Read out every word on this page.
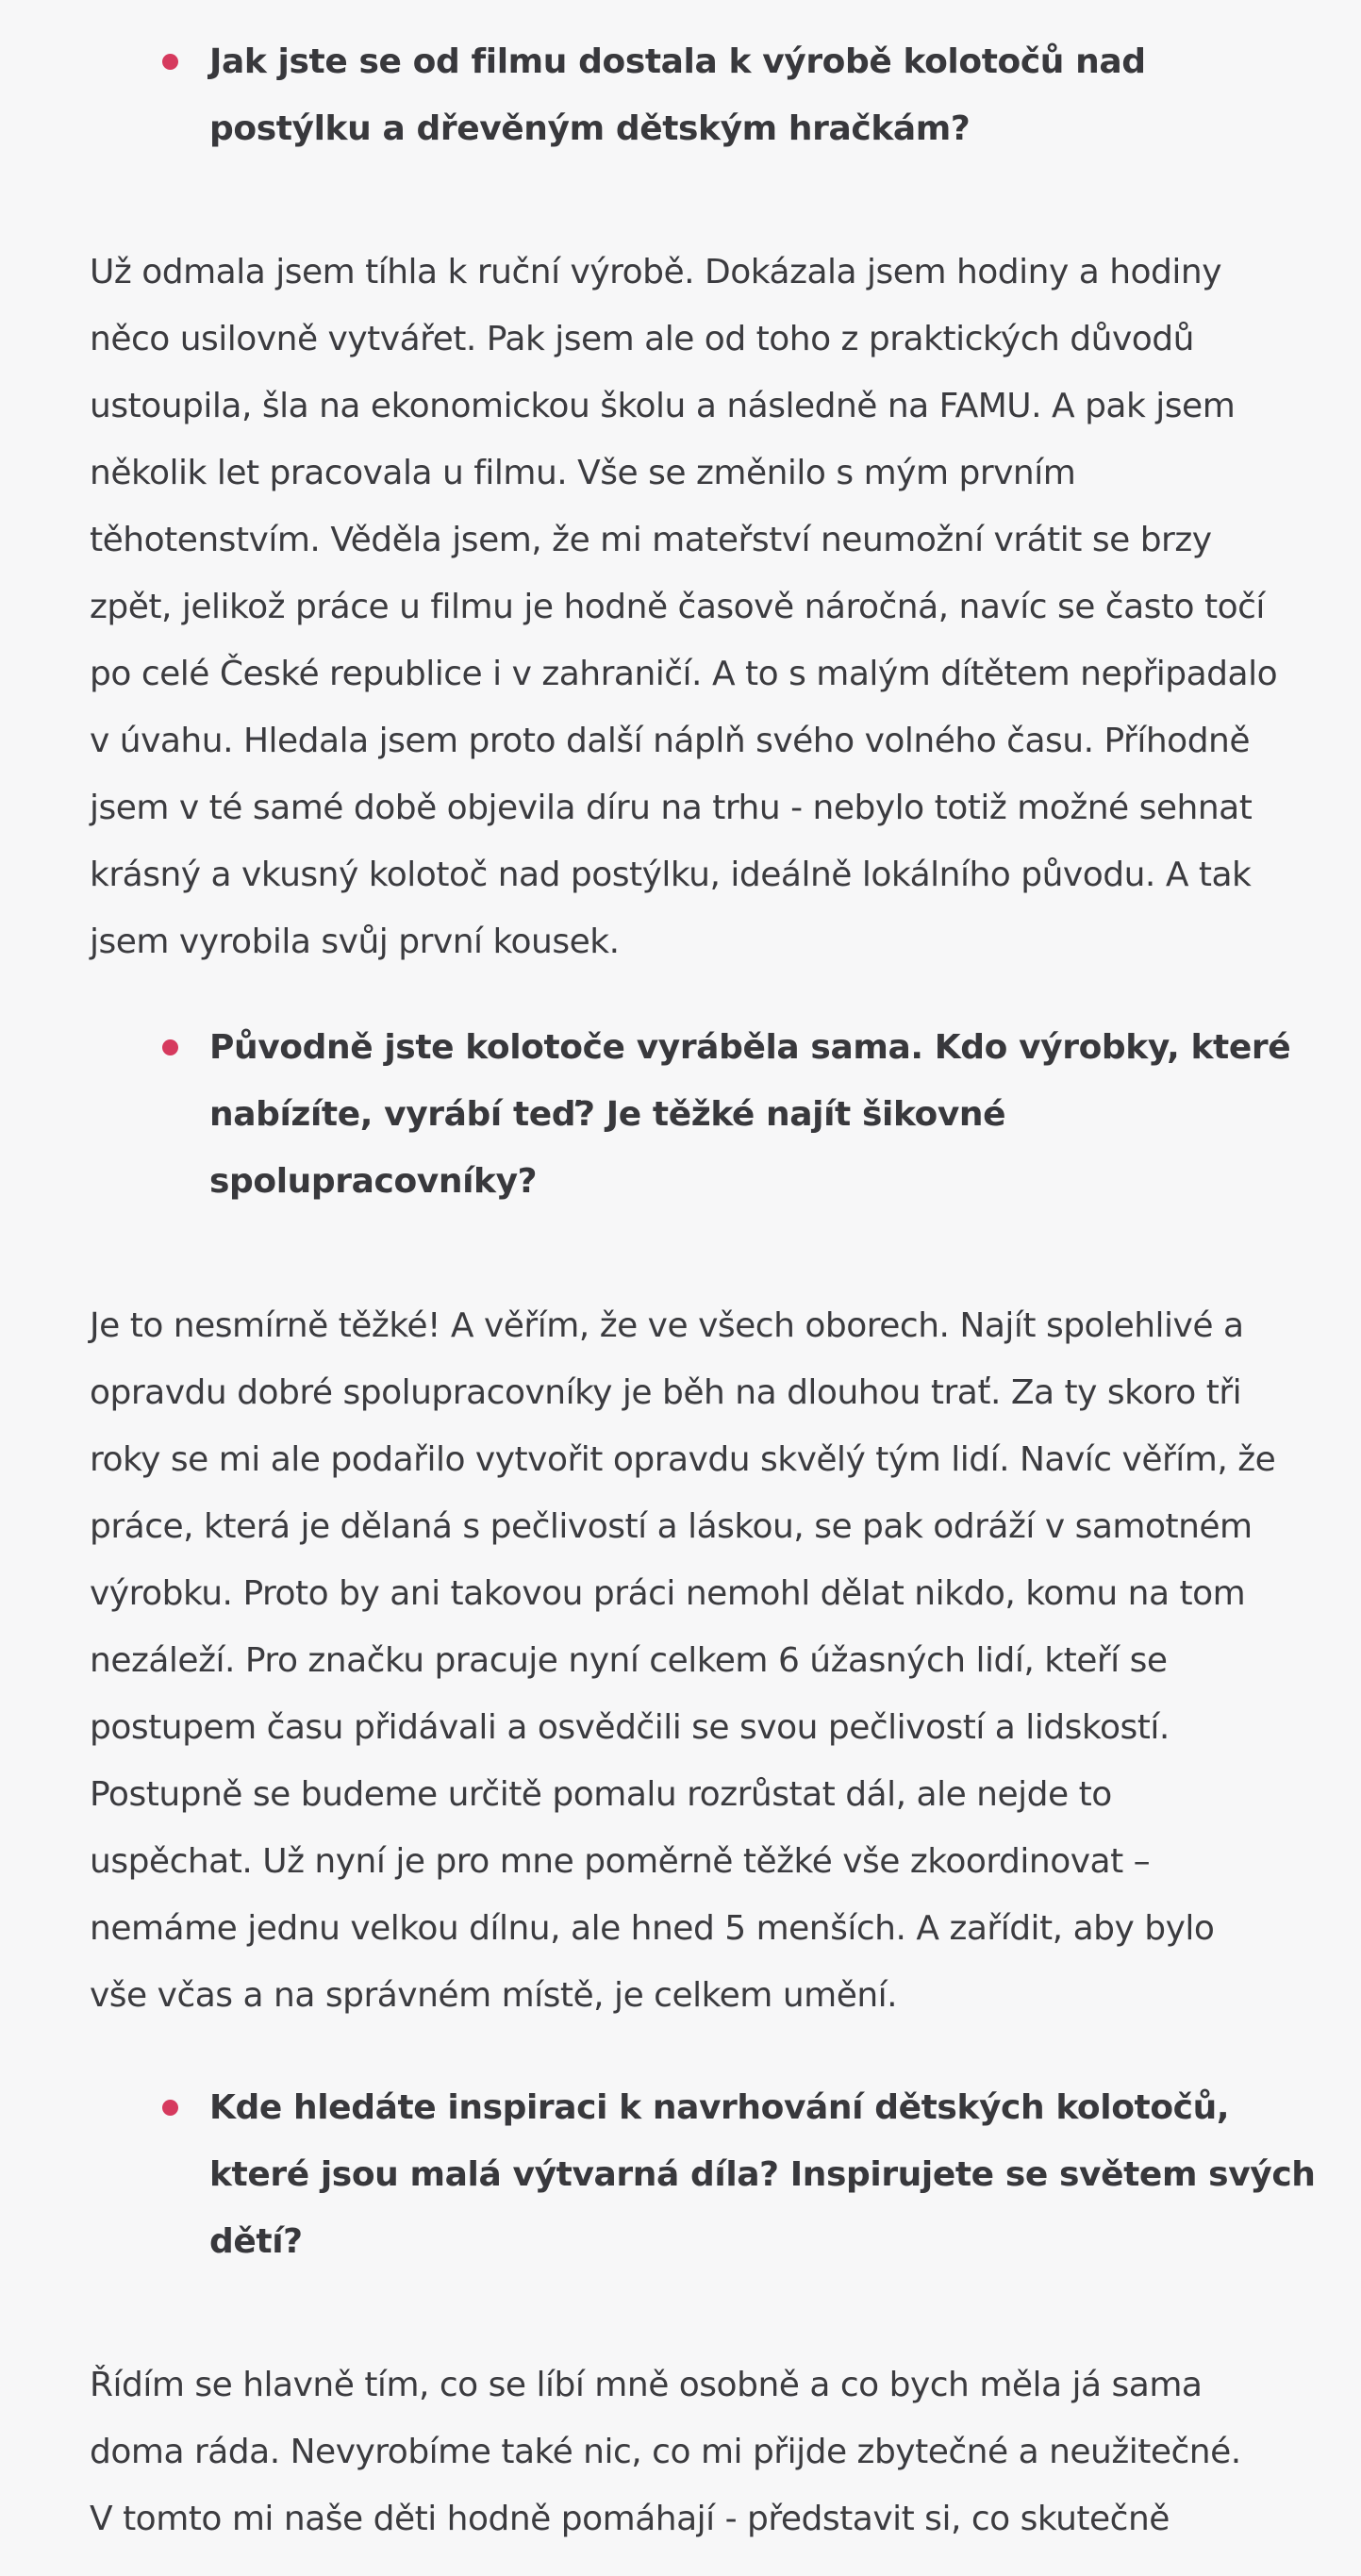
Jak jste se od filmu dostala k výrobě kolotočů nad
postýlku a dřevěným dětským hračkám?
Už odmala jsem tíhla k ruční výrobě. Dokázala jsem hodiny a hodiny
něco usilovně vytvářet. Pak jsem ale od toho z praktických důvodů
ustoupila, šla na ekonomickou školu a následně na FAMU. A pak jsem
několik let pracovala u filmu. Vše se změnilo s mým prvním
těhotenstvím. Věděla jsem, že mi mateřství neumožní vrátit se brzy
zpět, jelikož práce u filmu je hodně časově náročná, navíc se často točí
po celé České republice i v zahraničí. A to s malým dítětem nepřipadalo
v úvahu. Hledala jsem proto další náplň svého volného času. Příhodně
jsem v té samé době objevila díru na trhu - nebylo totiž možné sehnat
krásný a vkusný kolotoč nad postýlku, ideálně lokálního původu. A tak
jsem vyrobila svůj první kousek.
Původně jste kolotoče vyráběla sama. Kdo výrobky, které
nabízíte, vyrábí teď? Je těžké najít šikovné
spolupracovníky?
Je to nesmírně těžké! A věřím, že ve všech oborech. Najít spolehlivé a
opravdu dobré spolupracovníky je běh na dlouhou trať. Za ty skoro tři
roky se mi ale podařilo vytvořit opravdu skvělý tým lidí. Navíc věřím, že
práce, která je dělaná s pečlivostí a láskou, se pak odráží v samotném
výrobku. Proto by ani takovou práci nemohl dělat nikdo, komu na tom
nezáleží. Pro značku pracuje nyní celkem 6 úžasných lidí, kteří se
postupem času přidávali a osvědčili se svou pečlivostí a lidskostí.
Postupně se budeme určitě pomalu rozrůstat dál, ale nejde to
uspěchat. Už nyní je pro mne poměrně těžké vše zkoordinovat –
nemáme jednu velkou dílnu, ale hned 5 menších. A zařídit, aby bylo
vše včas a na správném místě, je celkem umění.
Kde hledáte inspiraci k navrhování dětských kolotočů,
které jsou malá výtvarná díla? Inspirujete se světem svých
dětí?
Řídím se hlavně tím, co se líbí mně osobně a co bych měla já sama
doma ráda. Nevyrobíme také nic, co mi přijde zbytečné a neužitečné.
V tomto mi naše děti hodně pomáhají - představit si, co skutečně
